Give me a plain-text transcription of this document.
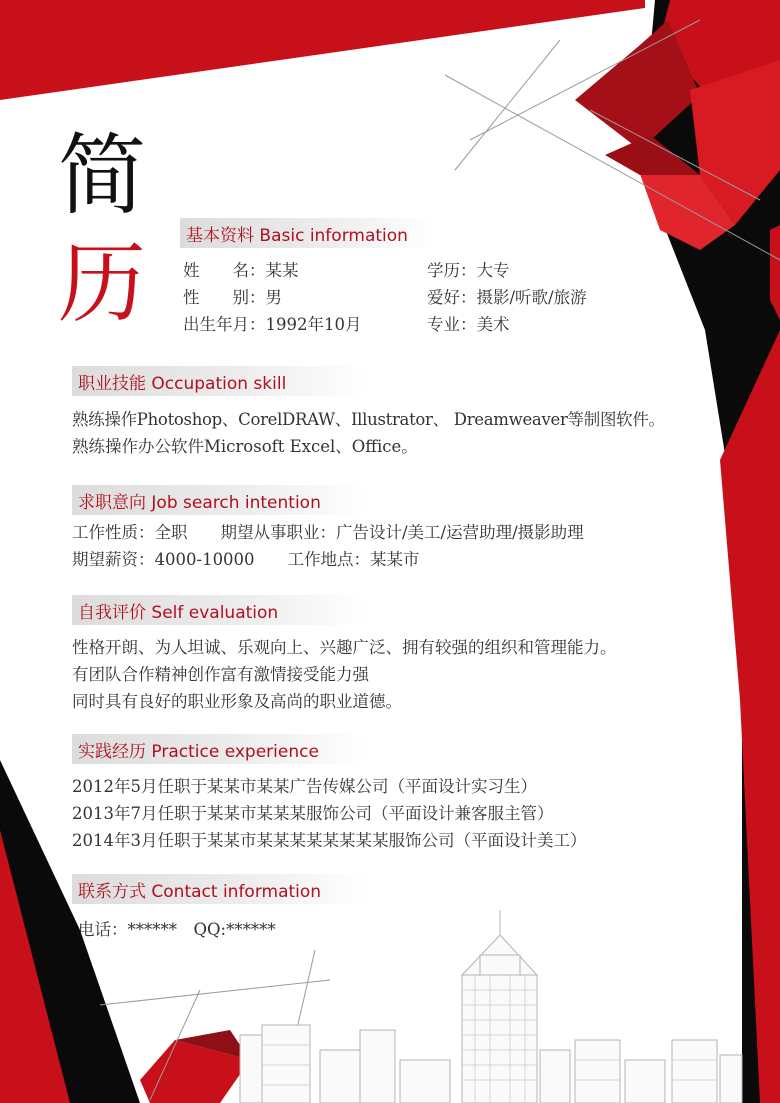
简
历	基本资料 Basic information
姓　　名：某某
性　　别：男
出生年月：1992年10月
学历：大专
爱好：摄影/听歌/旅游
专业：美术
职业技能 Occupation skill
熟练操作Photoshop、CorelDRAW、Illustrator、 Dreamweaver等制图软件。
熟练操作办公软件Microsoft Excel、Office。
求职意向 Job search intention
工作性质：全职　　期望从事职业：广告设计/美工/运营助理/摄影助理
期望薪资：4000-10000　　工作地点：某某市
自我评价 Self evaluation
性格开朗、为人坦诚、乐观向上、兴趣广泛、拥有较强的组织和管理能力。
有团队合作精神创作富有激情接受能力强
同时具有良好的职业形象及高尚的职业道德。
实践经历 Practice experience
2012年5月任职于某某市某某广告传媒公司（平面设计实习生）
2013年7月任职于某某市某某某服饰公司（平面设计兼客服主管）
2014年3月任职于某某市某某某某某某某某服饰公司（平面设计美工）
联系方式 Contact information
电话：******　QQ:******
